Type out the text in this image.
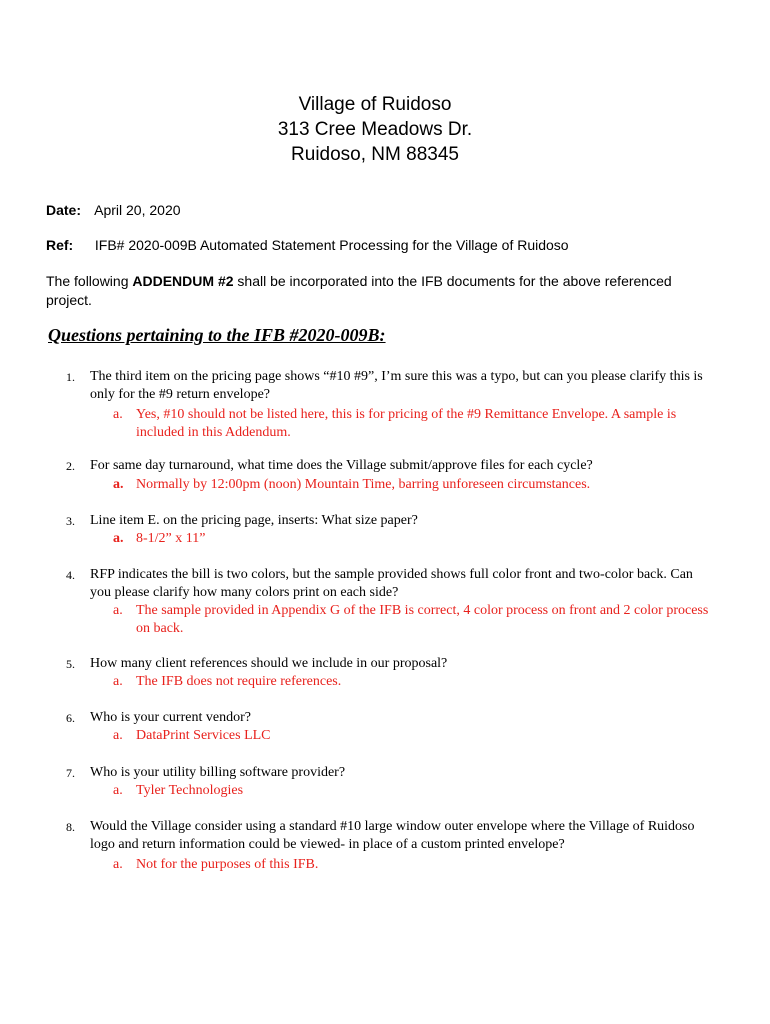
Village of Ruidoso
313 Cree Meadows Dr.
Ruidoso, NM 88345
Date: April 20, 2020
Ref: IFB# 2020-009B Automated Statement Processing for the Village of Ruidoso
The following ADDENDUM #2 shall be incorporated into the IFB documents for the above referenced project.
Questions pertaining to the IFB #2020-009B:
1. The third item on the pricing page shows “#10 #9”, I’m sure this was a typo, but can you please clarify this is only for the #9 return envelope?
a. Yes, #10 should not be listed here, this is for pricing of the #9 Remittance Envelope. A sample is included in this Addendum.
2. For same day turnaround, what time does the Village submit/approve files for each cycle?
a. Normally by 12:00pm (noon) Mountain Time, barring unforeseen circumstances.
3. Line item E. on the pricing page, inserts: What size paper?
a. 8-1/2” x 11”
4. RFP indicates the bill is two colors, but the sample provided shows full color front and two-color back. Can you please clarify how many colors print on each side?
a. The sample provided in Appendix G of the IFB is correct, 4 color process on front and 2 color process on back.
5. How many client references should we include in our proposal?
a. The IFB does not require references.
6. Who is your current vendor?
a. DataPrint Services LLC
7. Who is your utility billing software provider?
a. Tyler Technologies
8. Would the Village consider using a standard #10 large window outer envelope where the Village of Ruidoso logo and return information could be viewed- in place of a custom printed envelope?
a. Not for the purposes of this IFB.
